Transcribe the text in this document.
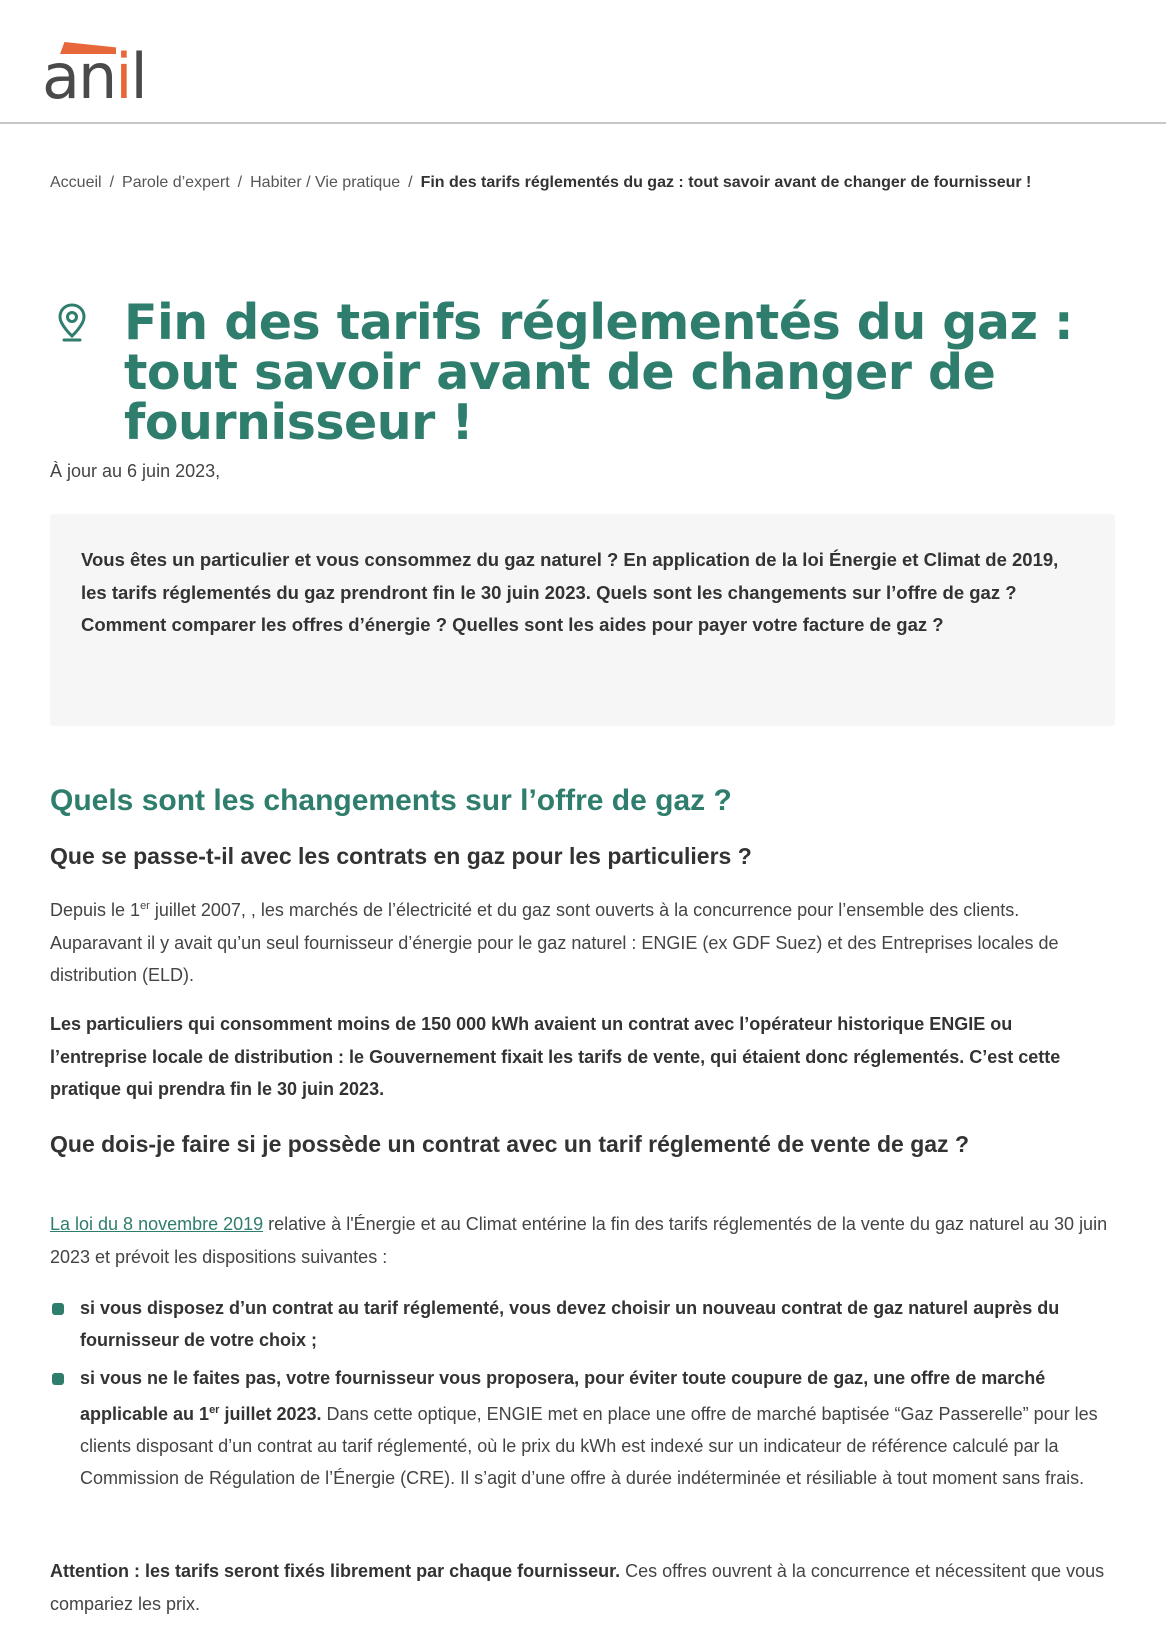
anil
Accueil / Parole d’expert / Habiter / Vie pratique / Fin des tarifs réglementés du gaz : tout savoir avant de changer de fournisseur !
Fin des tarifs réglementés du gaz : tout savoir avant de changer de fournisseur !
À jour au 6 juin 2023,

Vous êtes un particulier et vous consommez du gaz naturel ? En application de la loi Énergie et Climat de 2019, les tarifs réglementés du gaz prendront fin le 30 juin 2023. Quels sont les changements sur l’offre de gaz ? Comment comparer les offres d’énergie ? Quelles sont les aides pour payer votre facture de gaz ?

Quels sont les changements sur l’offre de gaz ?
Que se passe-t-il avec les contrats en gaz pour les particuliers ?

Depuis le 1er juillet 2007, , les marchés de l’électricité et du gaz sont ouverts à la concurrence pour l’ensemble des clients. Auparavant il y avait qu’un seul fournisseur d’énergie pour le gaz naturel : ENGIE (ex GDF Suez) et des Entreprises locales de distribution (ELD).

Les particuliers qui consomment moins de 150 000 kWh avaient un contrat avec l’opérateur historique ENGIE ou l’entreprise locale de distribution : le Gouvernement fixait les tarifs de vente, qui étaient donc réglementés. C’est cette pratique qui prendra fin le 30 juin 2023.

Que dois-je faire si je possède un contrat avec un tarif réglementé de vente de gaz ?

La loi du 8 novembre 2019 relative à l'Énergie et au Climat entérine la fin des tarifs réglementés de la vente du gaz naturel au 30 juin 2023 et prévoit les dispositions suivantes :

si vous disposez d’un contrat au tarif réglementé, vous devez choisir un nouveau contrat de gaz naturel auprès du fournisseur de votre choix ;
si vous ne le faites pas, votre fournisseur vous proposera, pour éviter toute coupure de gaz, une offre de marché applicable au 1er juillet 2023. Dans cette optique, ENGIE met en place une offre de marché baptisée “Gaz Passerelle” pour les clients disposant d’un contrat au tarif réglementé, où le prix du kWh est indexé sur un indicateur de référence calculé par la Commission de Régulation de l’Énergie (CRE). Il s’agit d’une offre à durée indéterminée et résiliable à tout moment sans frais.

Attention : les tarifs seront fixés librement par chaque fournisseur. Ces offres ouvrent à la concurrence et nécessitent que vous compariez les prix.
